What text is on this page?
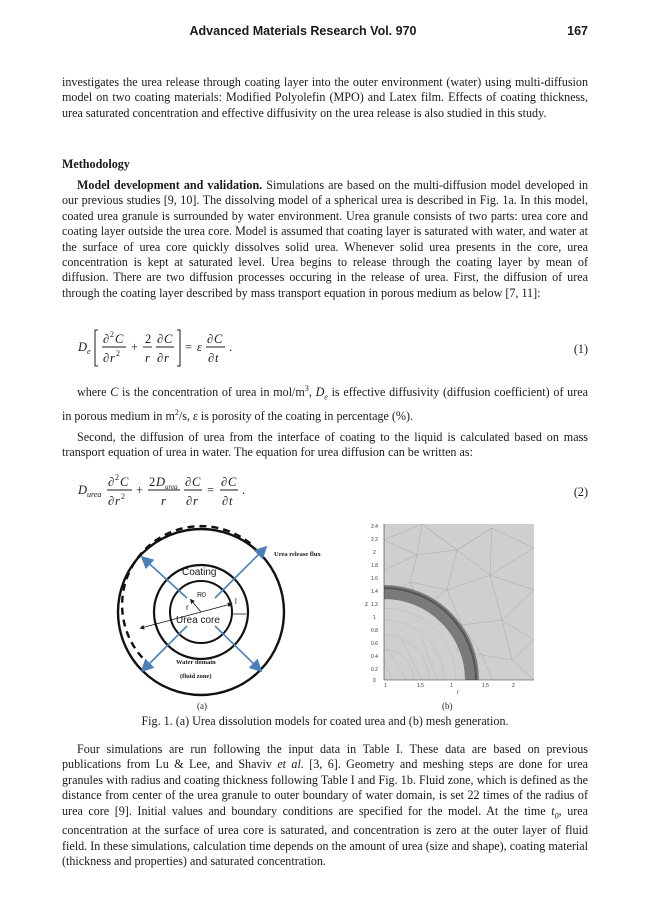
Advanced Materials Research Vol. 970	167

investigates the urea release through coating layer into the outer environment (water) using multi-diffusion model on two coating materials: Modified Polyolefin (MPO) and Latex film. Effects of coating thickness, urea saturated concentration and effective diffusivity on the urea release is also studied in this study.

Methodology

Model development and validation. Simulations are based on the multi-diffusion model developed in our previous studies [9, 10]. The dissolving model of a spherical urea is described in Fig. 1a. In this model, coated urea granule is surrounded by water environment. Urea granule consists of two parts: urea core and coating layer outside the urea core. Model is assumed that coating layer is saturated with water, and water at the surface of urea core quickly dissolves solid urea. Whenever solid urea presents in the core, urea concentration is kept at saturated level. Urea begins to release through the coating layer by mean of diffusion. There are two diffusion processes occuring in the release of urea. First, the diffusion of urea through the coating layer described by mass transport equation in porous medium as below [7, 11]:

D e
∂ 2 C
∂ r 2 +
2
r
∂ C
∂ r
= ε
∂ C
∂ t
.	(1)

where C is the concentration of urea in mol/$m^3$, $D_e$ is effective diffusivity (diffusion coefficient) of urea in porous medium in $m^2/s$, ε is porosity of the coating in percentage (%).

Second, the diffusion of urea from the interface of coating to the liquid is calculated based on mass transport equation of urea in water. The equation for urea diffusion can be written as:

D urea
∂ 2 C
∂ r 2 +
2 D urea
r
∂ C
∂ r
=
∂ C
∂ t
.	(2)
Coating
Urea core
R0
r
l
Urea release flux
Water domain
(fluid zone)
(a)
2.4
2.2
2
1.8
1.6
1.4
1.2
1
0.8
0.6
0.4
0.2
0
1	1.5	1	1.5	2
z
r
(b)
Fig. 1. (a) Urea dissolution models for coated urea and (b) mesh generation.

Four simulations are run following the input data in Table I. These data are based on previous publications from Lu & Lee, and Shaviv et al. [3, 6]. Geometry and meshing steps are done for urea granules with radius and coating thickness following Table I and Fig. 1b. Fluid zone, which is defined as the distance from center of the urea granule to outer boundary of water domain, is set 22 times of the radius of urea core [9]. Initial values and boundary conditions are specified for the model. At the time $t_0$, urea concentration at the surface of urea core is saturated, and concentration is zero at the outer layer of fluid field. In these simulations, calculation time depends on the amount of urea (size and shape), coating material (thickness and properties) and saturated concentration.
